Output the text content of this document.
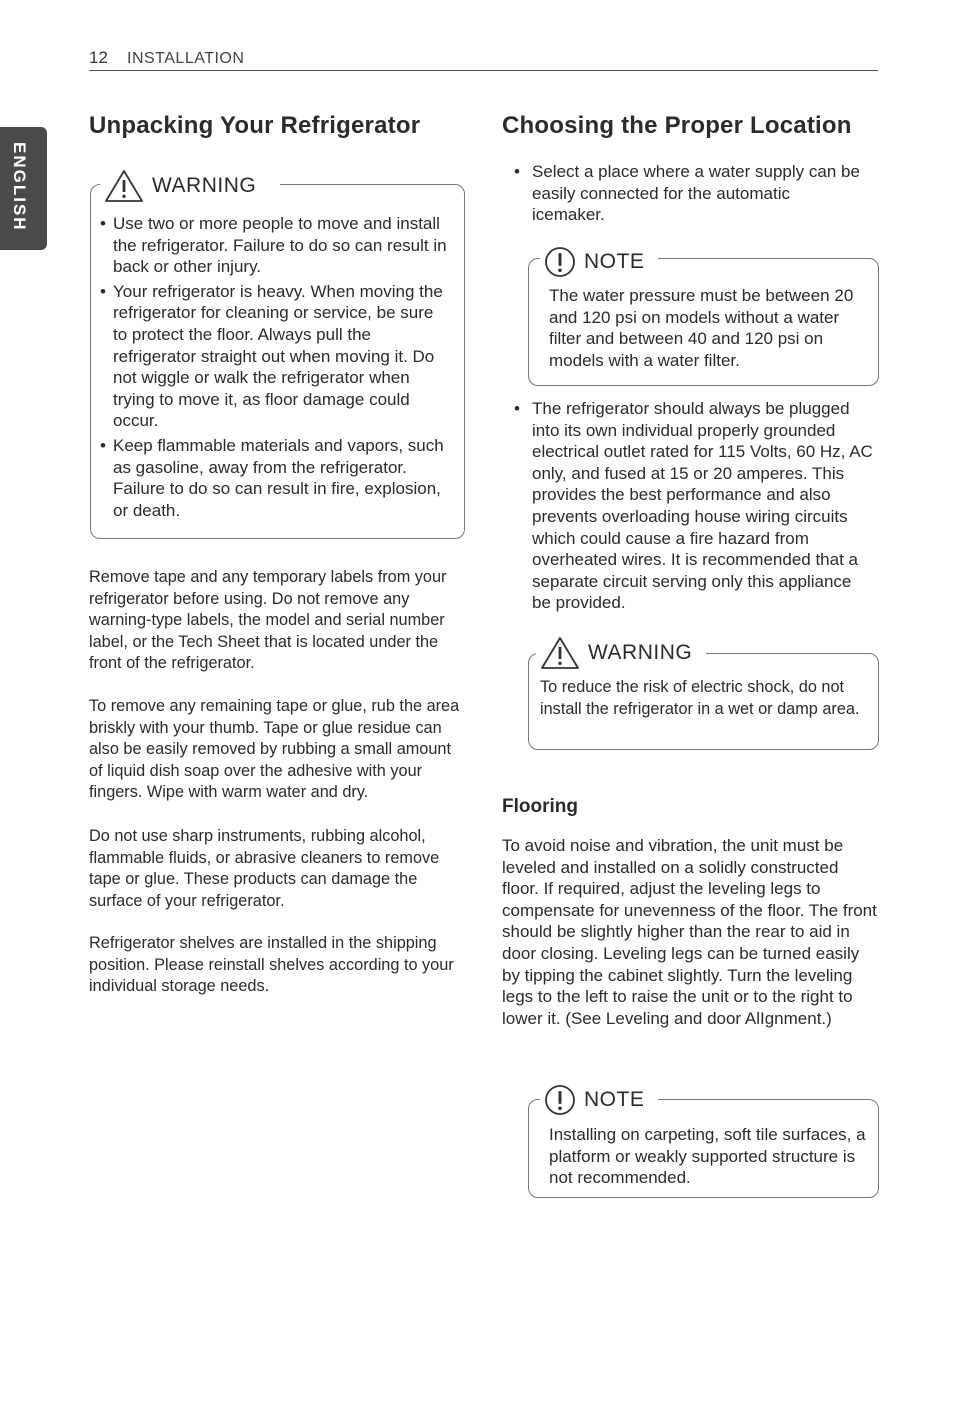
12 INSTALLATION
ENGLISH
Unpacking Your Refrigerator
WARNING
• Use two or more people to move and install the refrigerator. Failure to do so can result in back or other injury.
• Your refrigerator is heavy. When moving the refrigerator for cleaning or service, be sure to protect the floor. Always pull the refrigerator straight out when moving it. Do not wiggle or walk the refrigerator when trying to move it, as floor damage could occur.
• Keep flammable materials and vapors, such as gasoline, away from the refrigerator. Failure to do so can result in fire, explosion, or death.

Remove tape and any temporary labels from your refrigerator before using. Do not remove any warning-type labels, the model and serial number label, or the Tech Sheet that is located under the front of the refrigerator.

To remove any remaining tape or glue, rub the area briskly with your thumb. Tape or glue residue can also be easily removed by rubbing a small amount of liquid dish soap over the adhesive with your fingers. Wipe with warm water and dry.

Do not use sharp instruments, rubbing alcohol, flammable fluids, or abrasive cleaners to remove tape or glue. These products can damage the surface of your refrigerator.

Refrigerator shelves are installed in the shipping position. Please reinstall shelves according to your individual storage needs.

Choosing the Proper Location
• Select a place where a water supply can be easily connected for the automatic icemaker.
NOTE

The water pressure must be between 20 and 120 psi on models without a water filter and between 40 and 120 psi on models with a water filter.

• The refrigerator should always be plugged into its own individual properly grounded electrical outlet rated for 115 Volts, 60 Hz, AC only, and fused at 15 or 20 amperes. This provides the best performance and also prevents overloading house wiring circuits which could cause a fire hazard from overheated wires. It is recommended that a separate circuit serving only this appliance be provided.
WARNING

To reduce the risk of electric shock, do not install the refrigerator in a wet or damp area.

Flooring

To avoid noise and vibration, the unit must be leveled and installed on a solidly constructed floor. If required, adjust the leveling legs to compensate for unevenness of the floor. The front should be slightly higher than the rear to aid in door closing. Leveling legs can be turned easily by tipping the cabinet slightly. Turn the leveling legs to the left to raise the unit or to the right to lower it. (See Leveling and door AlIgnment.)

NOTE

Installing on carpeting, soft tile surfaces, a platform or weakly supported structure is not recommended.
